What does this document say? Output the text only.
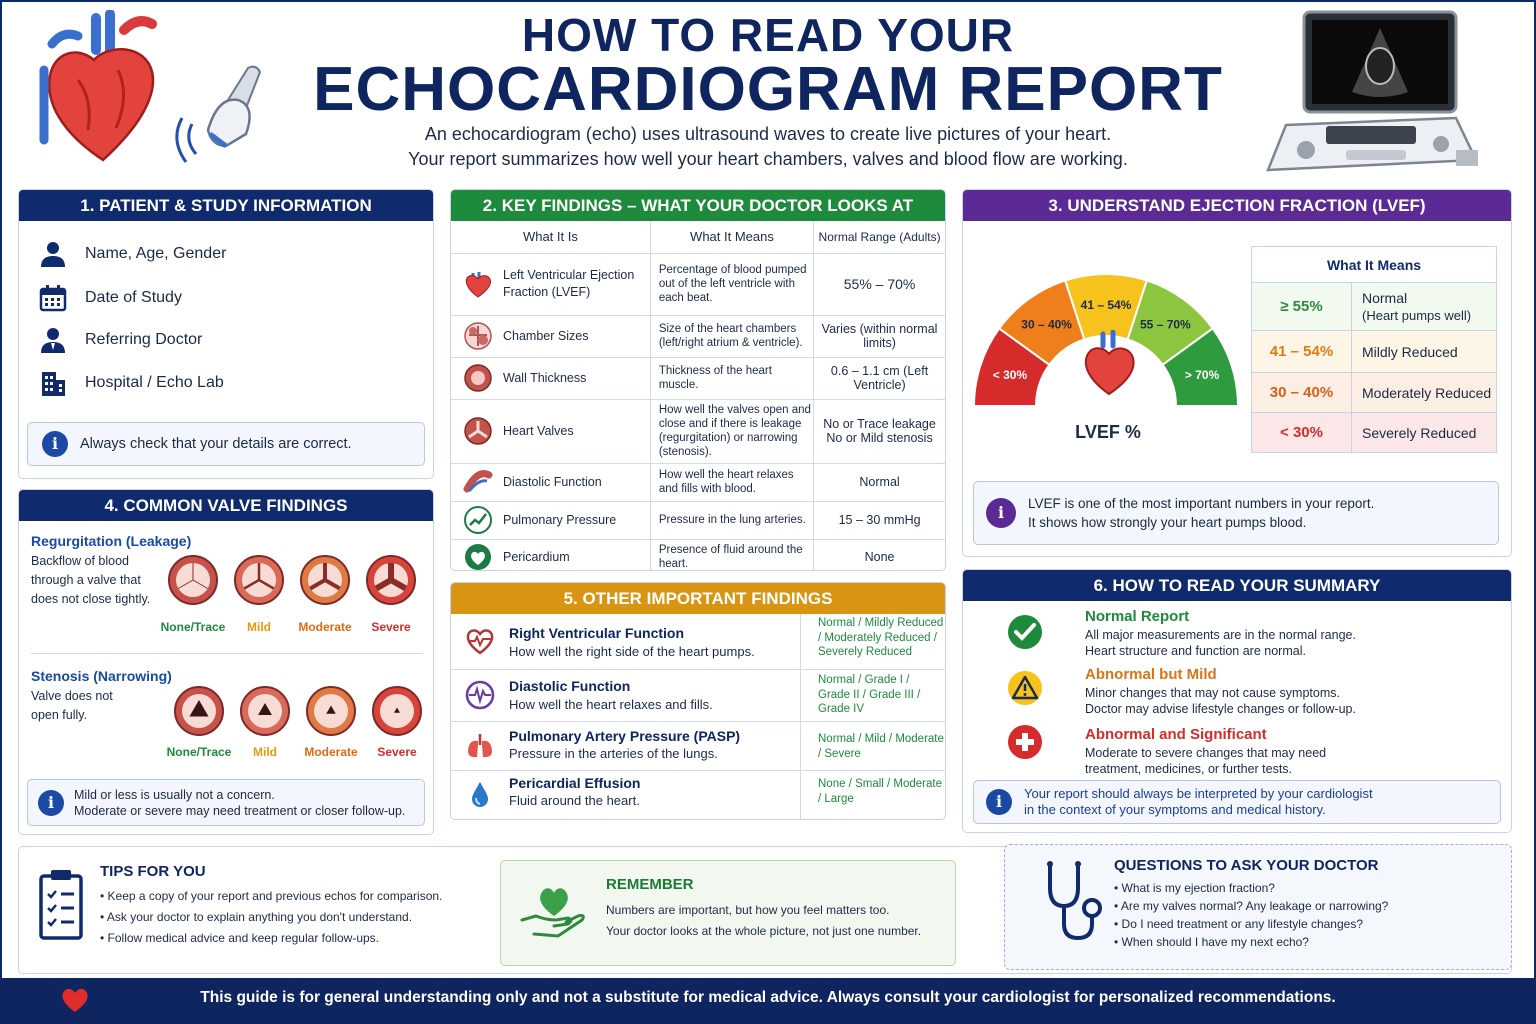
HOW TO READ YOUR
ECHOCARDIOGRAM REPORT
An echocardiogram (echo) uses ultrasound waves to create live pictures of your heart.
Your report summarizes how well your heart chambers, valves and blood flow are working.
1. PATIENT & STUDY INFORMATION
Name, Age, Gender
Date of Study
Referring Doctor
Hospital / Echo Lab
i	Always check that your details are correct.
2. KEY FINDINGS – WHAT YOUR DOCTOR LOOKS AT
What It Is	What It Means	Normal Range (Adults)

Left Ventricular Ejection Fraction (LVEF)	Percentage of blood pumped out of the left ventricle with each beat.	55% – 70%

Chamber Sizes	Size of the heart chambers (left/right atrium & ventricle).	Varies (within normal limits)

Wall Thickness	Thickness of the heart muscle.	0.6 – 1.1 cm (Left Ventricle)

Heart Valves	How well the valves open and close and if there is leakage (regurgitation) or narrowing (stenosis).	No or Trace leakage No or Mild stenosis

Diastolic Function	How well the heart relaxes and fills with blood.	Normal

Pulmonary Pressure	Pressure in the lung arteries.	15 – 30 mmHg

Pericardium	Presence of fluid around the heart.	None
3. UNDERSTAND EJECTION FRACTION (LVEF)
< 30%
30 – 40%
41 – 54%
55 – 70%
> 70%
LVEF %
What It Means	
≥ 55%	Normal
(Heart pumps well)

41 – 54%	Mildly Reduced
30 – 40%	Moderately Reduced
< 30%	Severely Reduced
i	LVEF is one of the most important numbers in your report.
It shows how strongly your heart pumps blood.
4. COMMON VALVE FINDINGS
Regurgitation (Leakage)
Backflow of blood
through a valve that
does not close tightly.
None/Trace	Mild	Moderate	Severe
Stenosis (Narrowing)
Valve does not
open fully.
None/Trace	Mild	Moderate	Severe
i	Mild or less is usually not a concern.
Moderate or severe may need treatment or closer follow-up.
5. OTHER IMPORTANT FINDINGS
Right Ventricular Function
How well the right side of the heart pumps.
Normal / Mildly Reduced / Moderately Reduced / Severely Reduced
Diastolic Function
How well the heart relaxes and fills.
Normal / Grade I / Grade II / Grade III / Grade IV
Pulmonary Artery Pressure (PASP)
Pressure in the arteries of the lungs.
Normal / Mild / Moderate / Severe
Pericardial Effusion
Fluid around the heart.
None / Small / Moderate / Large
6. HOW TO READ YOUR SUMMARY
Normal Report
All major measurements are in the normal range.
Heart structure and function are normal.
Abnormal but Mild
Minor changes that may not cause symptoms.
Doctor may advise lifestyle changes or follow-up.
Abnormal and Significant
Moderate to severe changes that may need
treatment, medicines, or further tests.
i	Your report should always be interpreted by your cardiologist
in the context of your symptoms and medical history.
TIPS FOR YOU
• Keep a copy of your report and previous echos for comparison.
• Ask your doctor to explain anything you don't understand.
• Follow medical advice and keep regular follow-ups.
REMEMBER
Numbers are important, but how you feel matters too.
Your doctor looks at the whole picture, not just one number.
QUESTIONS TO ASK YOUR DOCTOR
• What is my ejection fraction?
• Are my valves normal? Any leakage or narrowing?
• Do I need treatment or any lifestyle changes?
• When should I have my next echo?
This guide is for general understanding only and not a substitute for medical advice. Always consult your cardiologist for personalized recommendations.
